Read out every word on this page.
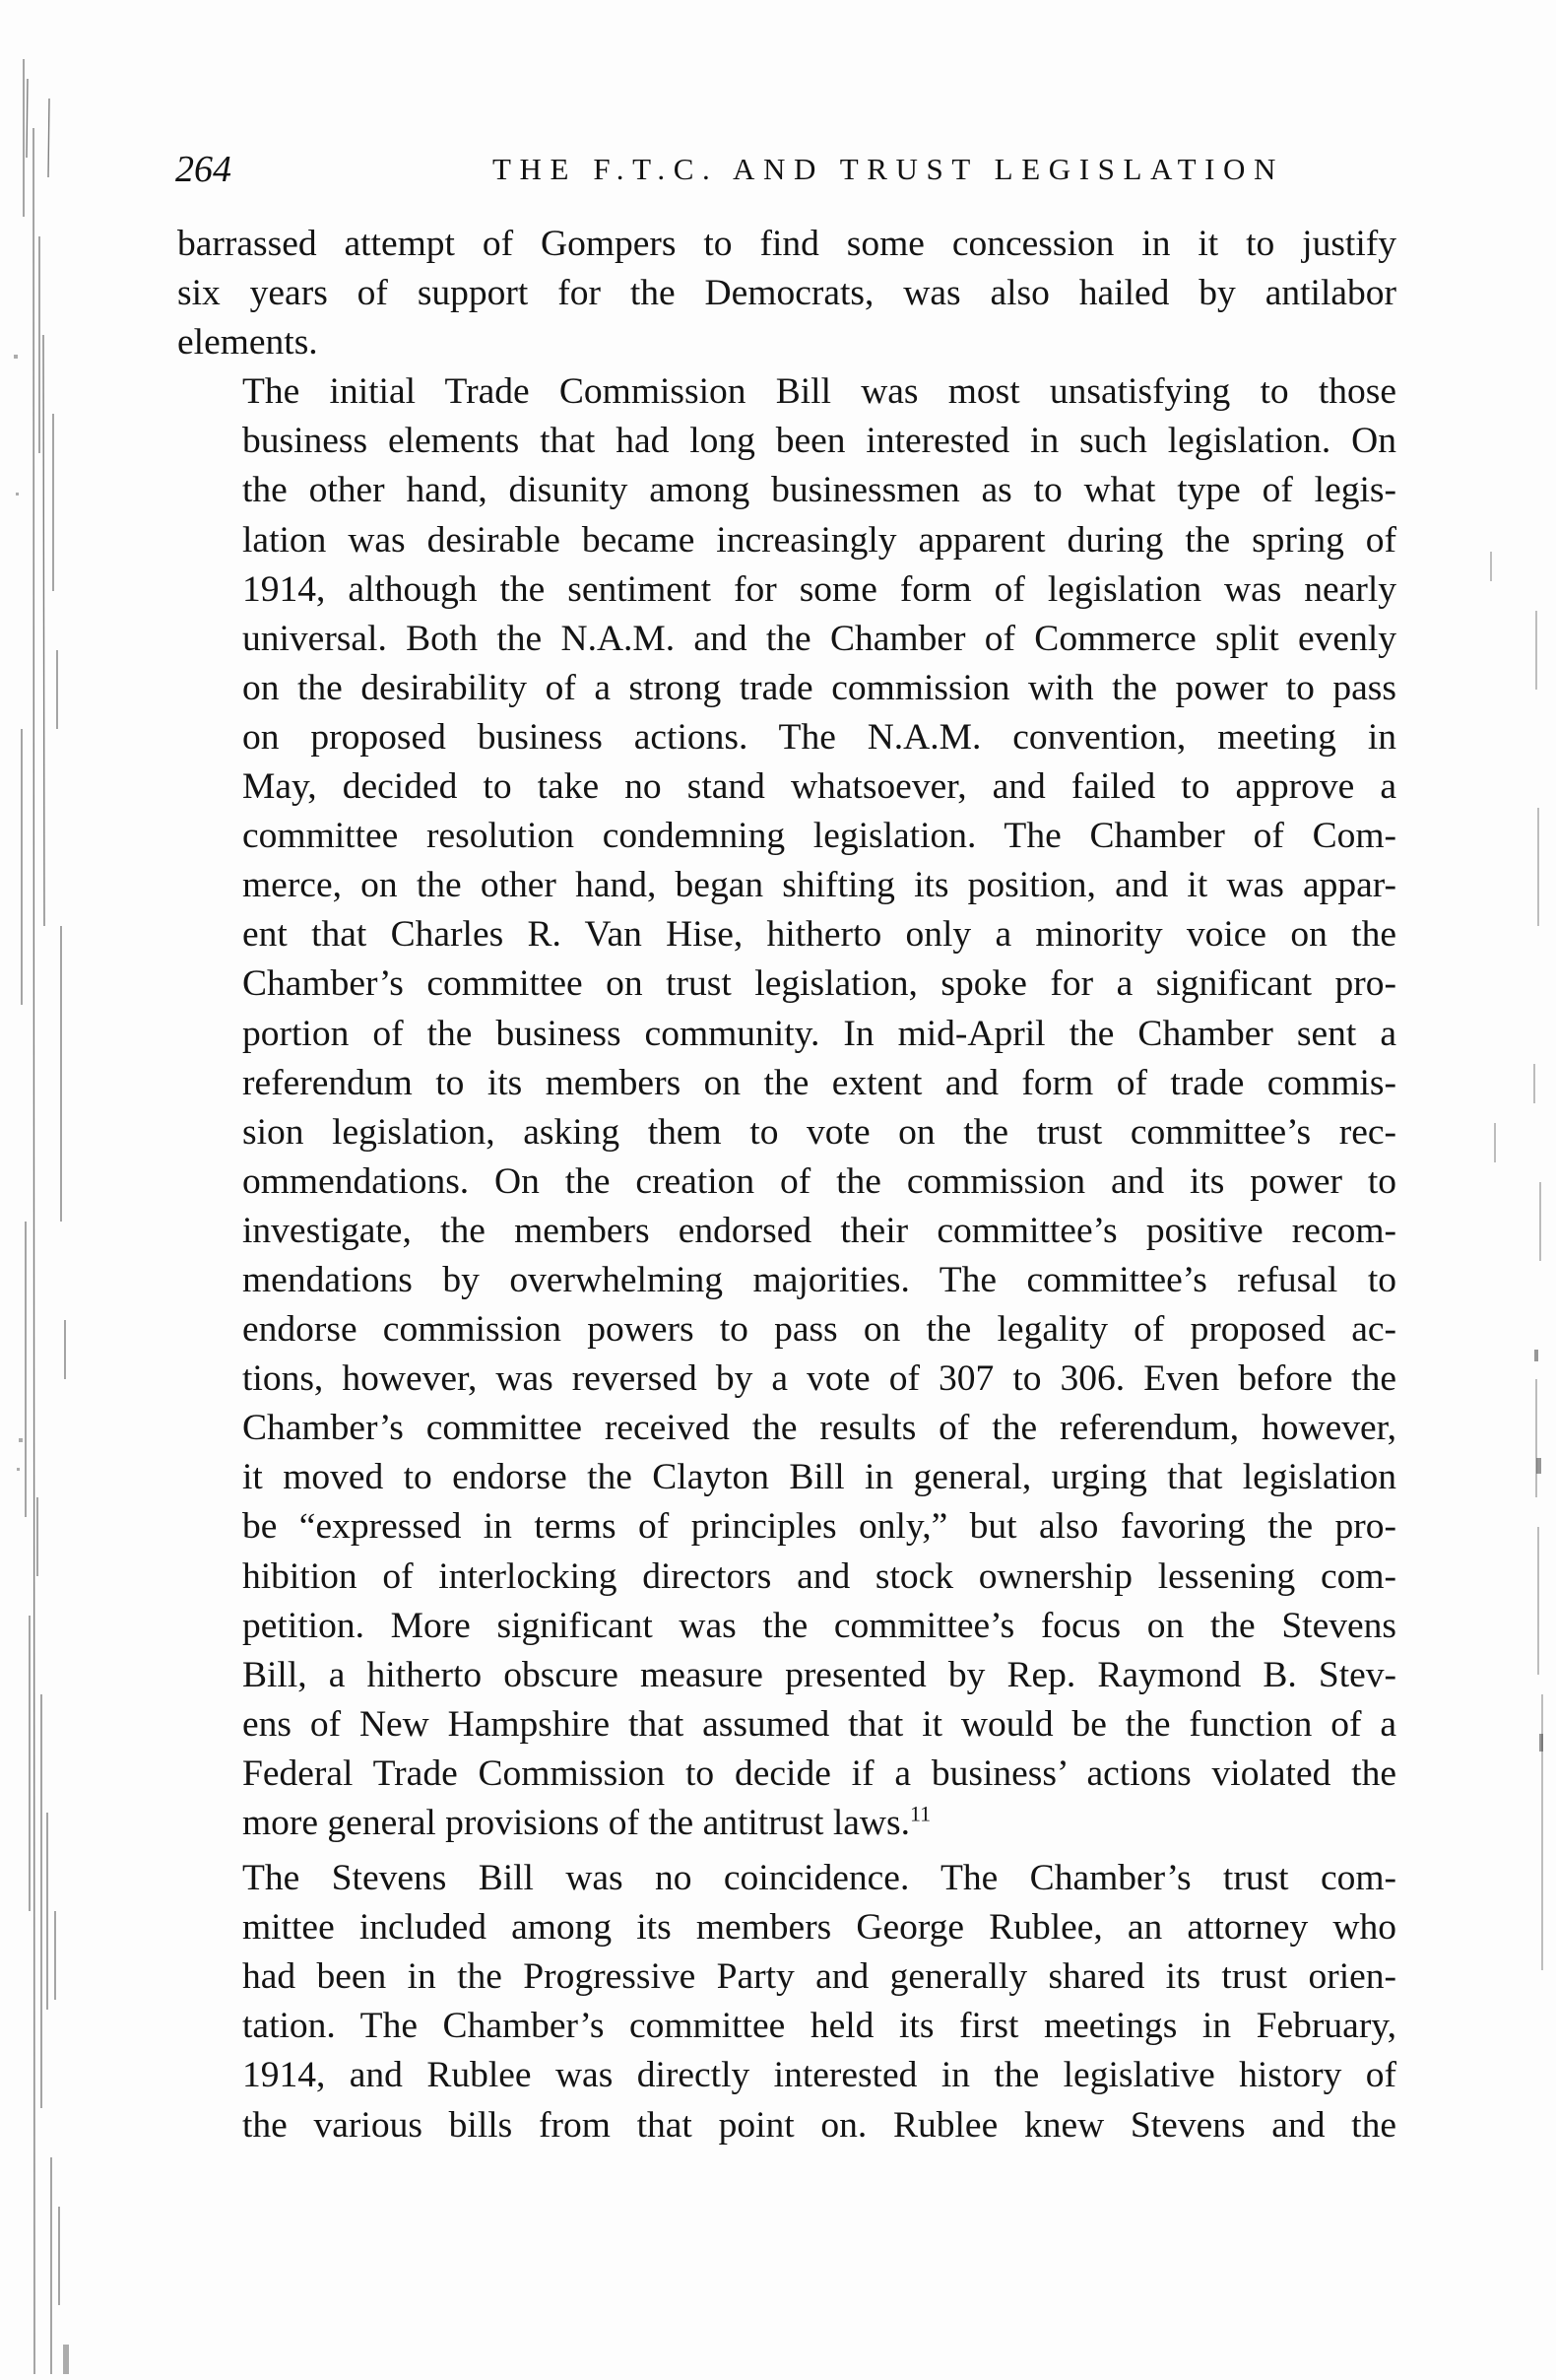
264	THE F.T.C. AND TRUST LEGISLATION

barrassed attempt of Gompers to find some concession in it to justify
six years of support for the Democrats, was also hailed by antilabor
elements.

The initial Trade Commission Bill was most unsatisfying to those
business elements that had long been interested in such legislation. On
the other hand, disunity among businessmen as to what type of legis-
lation was desirable became increasingly apparent during the spring of
1914, although the sentiment for some form of legislation was nearly
universal. Both the N.A.M. and the Chamber of Commerce split evenly
on the desirability of a strong trade commission with the power to pass
on proposed business actions. The N.A.M. convention, meeting in
May, decided to take no stand whatsoever, and failed to approve a
committee resolution condemning legislation. The Chamber of Com-
merce, on the other hand, began shifting its position, and it was appar-
ent that Charles R. Van Hise, hitherto only a minority voice on the
Chamber’s committee on trust legislation, spoke for a significant pro-
portion of the business community. In mid-April the Chamber sent a
referendum to its members on the extent and form of trade commis-
sion legislation, asking them to vote on the trust committee’s rec-
ommendations. On the creation of the commission and its power to
investigate, the members endorsed their committee’s positive recom-
mendations by overwhelming majorities. The committee’s refusal to
endorse commission powers to pass on the legality of proposed ac-
tions, however, was reversed by a vote of 307 to 306. Even before the
Chamber’s committee received the results of the referendum, however,
it moved to endorse the Clayton Bill in general, urging that legislation
be “expressed in terms of principles only,” but also favoring the pro-
hibition of interlocking directors and stock ownership lessening com-
petition. More significant was the committee’s focus on the Stevens
Bill, a hitherto obscure measure presented by Rep. Raymond B. Stev-
ens of New Hampshire that assumed that it would be the function of a
Federal Trade Commission to decide if a business’ actions violated the
more general provisions of the antitrust laws.$^{11}$

The Stevens Bill was no coincidence. The Chamber’s trust com-
mittee included among its members George Rublee, an attorney who
had been in the Progressive Party and generally shared its trust orien-
tation. The Chamber’s committee held its first meetings in February,
1914, and Rublee was directly interested in the legislative history of
the various bills from that point on. Rublee knew Stevens and the
